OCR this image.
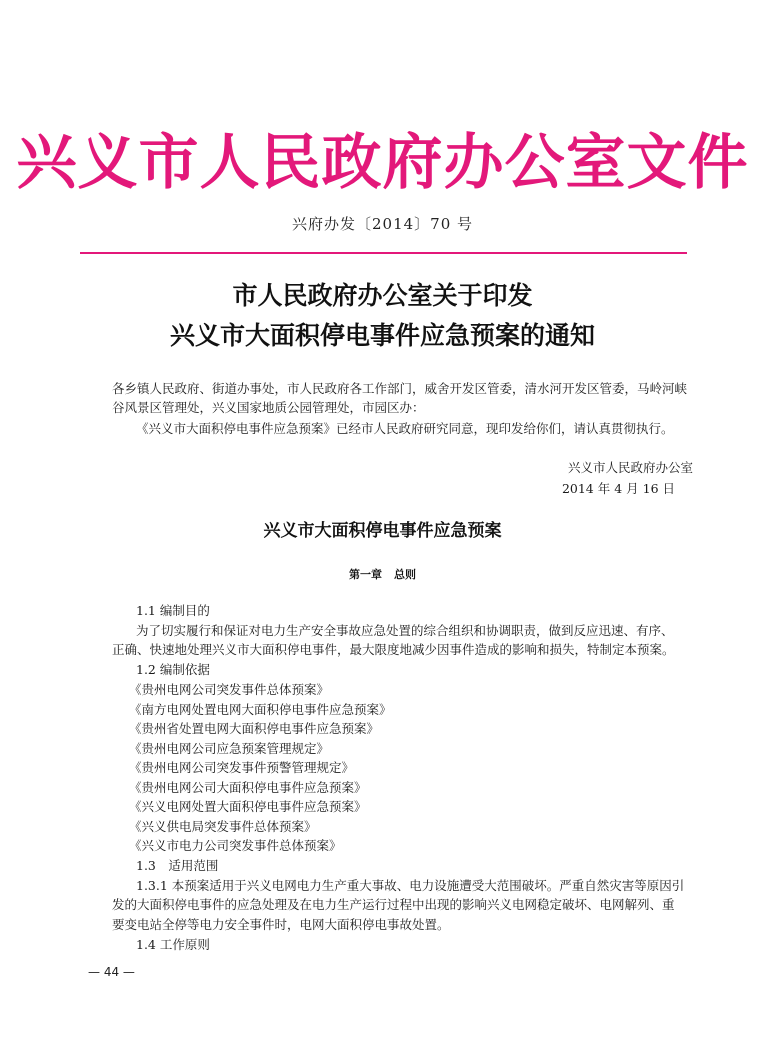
兴义市人民政府办公室文件
兴府办发〔2014〕70 号
市人民政府办公室关于印发
兴义市大面积停电事件应急预案的通知
各乡镇人民政府、街道办事处，市人民政府各工作部门，威舍开发区管委，清水河开发区管委，马岭河峡
谷风景区管理处，兴义国家地质公园管理处，市园区办：
《兴义市大面积停电事件应急预案》已经市人民政府研究同意，现印发给你们，请认真贯彻执行。
兴义市人民政府办公室
2014 年 4 月 16 日
兴义市大面积停电事件应急预案
第一章 总则
1.1 编制目的
为了切实履行和保证对电力生产安全事故应急处置的综合组织和协调职责，做到反应迅速、有序、
正确、快速地处理兴义市大面积停电事件，最大限度地减少因事件造成的影响和损失，特制定本预案。
1.2 编制依据
《贵州电网公司突发事件总体预案》
《南方电网处置电网大面积停电事件应急预案》
《贵州省处置电网大面积停电事件应急预案》
《贵州电网公司应急预案管理规定》
《贵州电网公司突发事件预警管理规定》
《贵州电网公司大面积停电事件应急预案》
《兴义电网处置大面积停电事件应急预案》
《兴义供电局突发事件总体预案》
《兴义市电力公司突发事件总体预案》
1.3　适用范围
1.3.1 本预案适用于兴义电网电力生产重大事故、电力设施遭受大范围破坏。严重自然灾害等原因引
发的大面积停电事件的应急处理及在电力生产运行过程中出现的影响兴义电网稳定破坏、电网解列、重
要变电站全停等电力安全事件时，电网大面积停电事故处置。
1.4 工作原则
— 44 —
